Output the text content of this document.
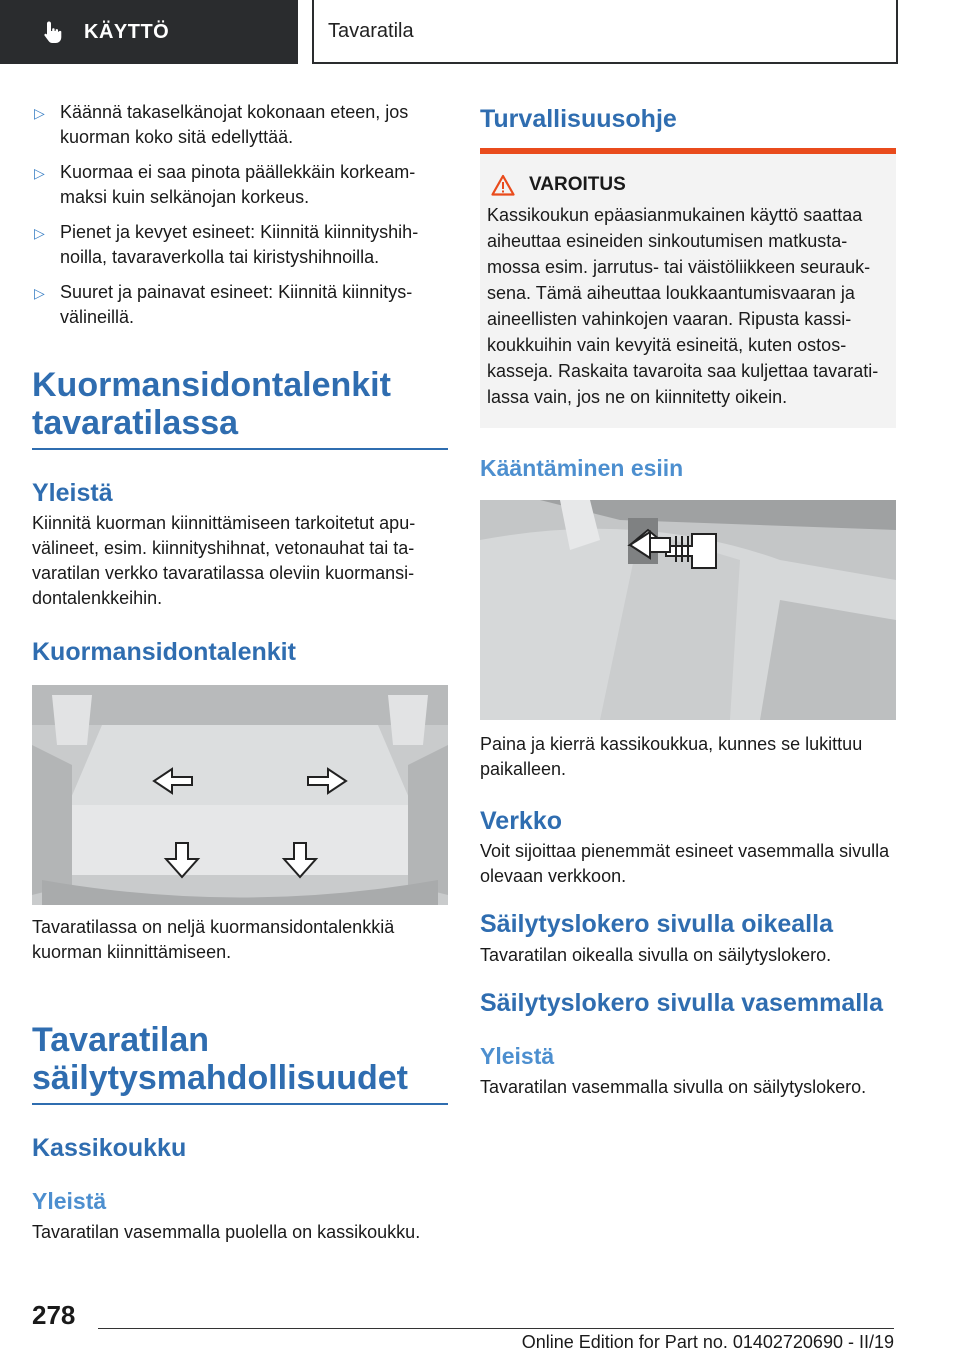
KÄYTTÖ	Tavaratila
▷ Käännä takaselkänojat kokonaan eteen, jos kuorman koko sitä edellyttää.
▷ Kuormaa ei saa pinota päällekkäin korkeammaksi kuin selkänojan korkeus.
▷ Pienet ja kevyet esineet: Kiinnitä kiinnityshihnoilla, tavaraverkolla tai kiristyshihnoilla.
▷ Suuret ja painavat esineet: Kiinnitä kiinnitysvälineillä.
Kuormansidontalenkit tavaratilassa
Yleistä

Kiinnitä kuorman kiinnittämiseen tarkoitetut apuvälineet, esim. kiinnityshihnat, vetonauhat tai tavaratilan verkko tavaratilassa oleviin kuormansidontalenkkeihin.

Kuormansidontalenkit

Tavaratilassa on neljä kuormansidontalenkkiä kuorman kiinnittämiseen.

Tavaratilan säilytysmahdollisuudet
Kassikoukku
Yleistä

Tavaratilan vasemmalla puolella on kassikoukku.

Turvallisuusohje
VAROITUS

Kassikoukun epäasianmukainen käyttö saattaa aiheuttaa esineiden sinkoutumisen matkustamossa esim. jarrutus- tai väistöliikkeen seurauksena. Tämä aiheuttaa loukkaantumisvaaran ja aineellisten vahinkojen vaaran. Ripusta kassikoukkuihin vain kevyitä esineitä, kuten ostoskasseja. Raskaita tavaroita saa kuljettaa tavaratilassa vain, jos ne on kiinnitetty oikein.

Kääntäminen esiin

Paina ja kierrä kassikoukkua, kunnes se lukittuu paikalleen.

Verkko

Voit sijoittaa pienemmät esineet vasemmalla sivulla olevaan verkkoon.

Säilytyslokero sivulla oikealla

Tavaratilan oikealla sivulla on säilytyslokero.

Säilytyslokero sivulla vasemmalla
Yleistä

Tavaratilan vasemmalla sivulla on säilytyslokero.

278
Online Edition for Part no. 01402720690 - II/19
